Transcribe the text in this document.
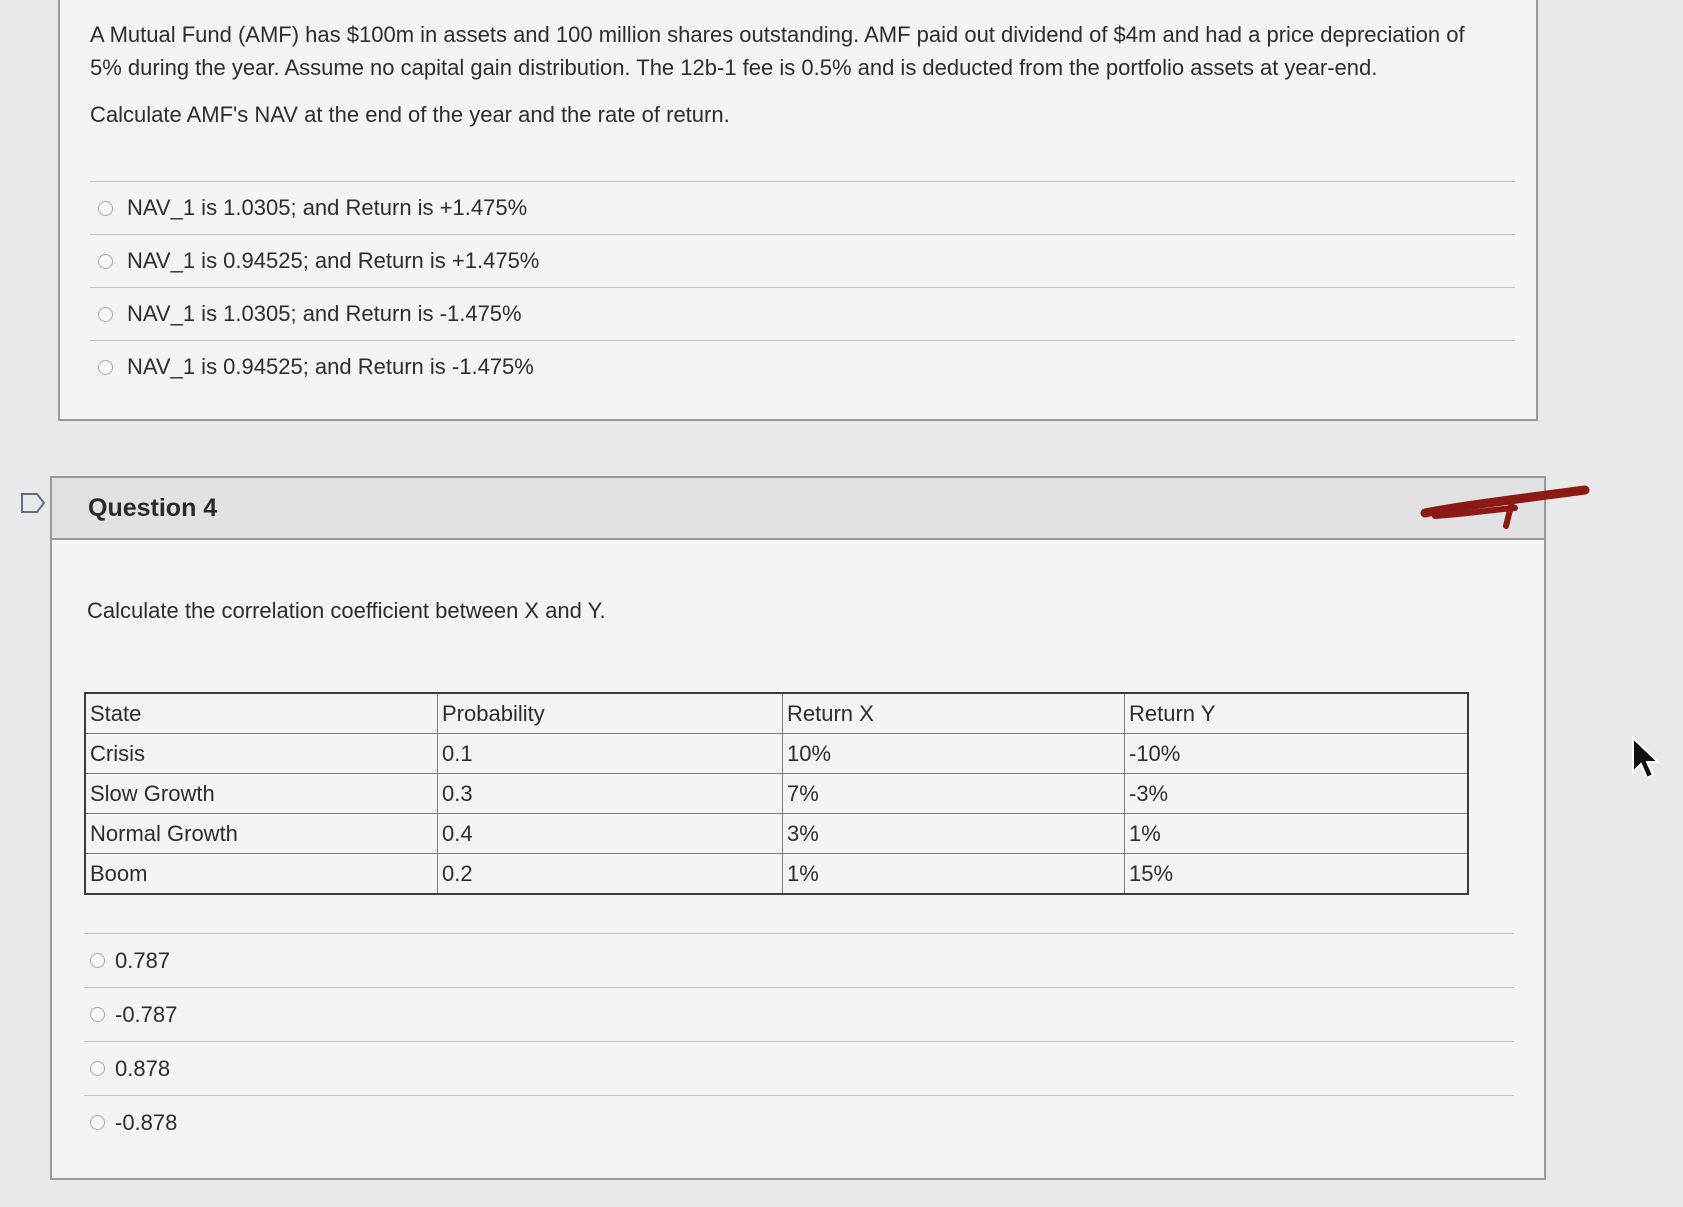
A Mutual Fund (AMF) has $100m in assets and 100 million shares outstanding. AMF paid out dividend of $4m and had a price depreciation of

5% during the year. Assume no capital gain distribution. The 12b-1 fee is 0.5% and is deducted from the portfolio assets at year-end.

Calculate AMF's NAV at the end of the year and the rate of return.

NAV_1 is 1.0305; and Return is +1.475%
NAV_1 is 0.94525; and Return is +1.475%
NAV_1 is 1.0305; and Return is -1.475%
NAV_1 is 0.94525; and Return is -1.475%
Question 4
Calculate the correlation coefficient between X and Y.
State	Probability	Return X	Return Y
Crisis	0.1	10%	-10%
Slow Growth	0.3	7%	-3%
Normal Growth	0.4	3%	1%
Boom	0.2	1%	15%
0.787
-0.787
0.878
-0.878
